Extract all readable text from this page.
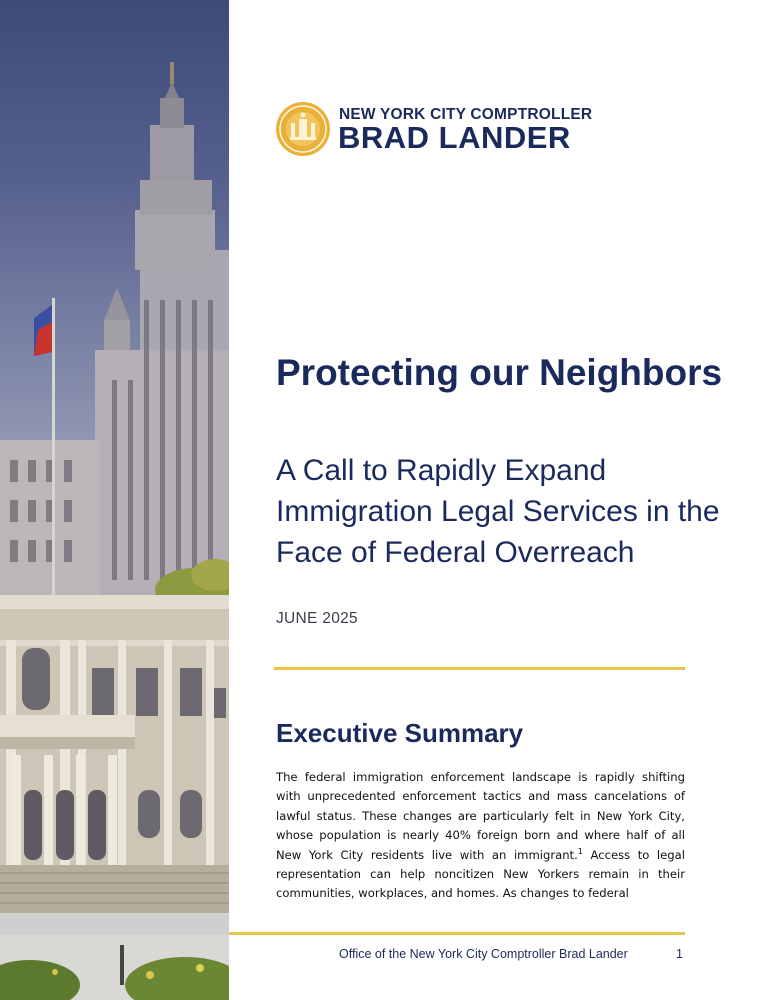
NEW YORK CITY COMPTROLLER
BRAD LANDER
Protecting our Neighbors
A Call to Rapidly Expand Immigration Legal Services in the Face of Federal Overreach
JUNE 2025
Executive Summary

The federal immigration enforcement landscape is rapidly shifting with unprecedented enforcement tactics and mass cancelations of lawful status. These changes are particularly felt in New York City, whose population is nearly 40% foreign born and where half of all New York City residents live with an immigrant.$^1$ Access to legal representation can help noncitizen New Yorkers remain in their communities, workplaces, and homes. As changes to federal

Office of the New York City Comptroller Brad Lander	1
